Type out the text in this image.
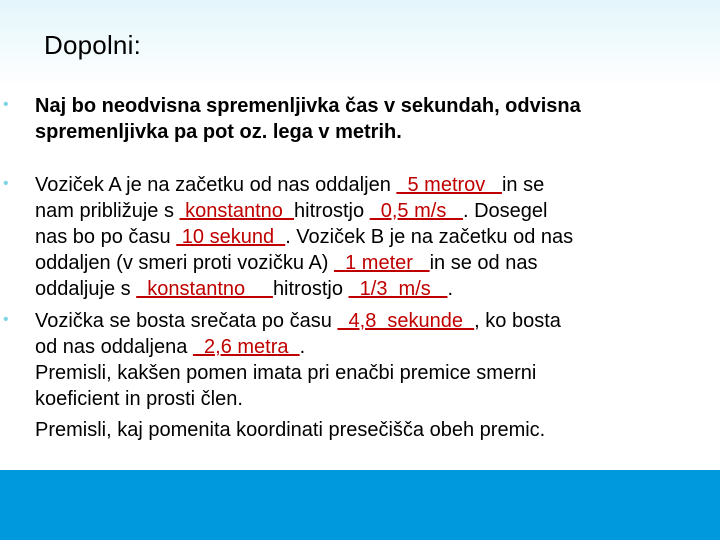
Dopolni:
• Naj bo neodvisna spremenljivka čas v sekundah, odvisna
spremenljivka pa pot oz. lega v metrih.
• Voziček A je na začetku od nas oddaljen   5 metrov   in se
nam približuje s  konstantno  hitrostjo   0,5 m/s   . Dosegel
nas bo po času  10 sekund  . Voziček B je na začetku od nas
oddaljen (v smeri proti vozičku A)   1 meter   in se od nas
oddaljuje s   konstantno     hitrostjo   1/3  m/s   .
• Vozička se bosta srečata po času   4,8  sekunde  , ko bosta
od nas oddaljena   2,6 metra  .
Premisli, kakšen pomen imata pri enačbi premice smerni
koeficient in prosti člen.
Premisli, kaj pomenita koordinati presečišča obeh premic.
